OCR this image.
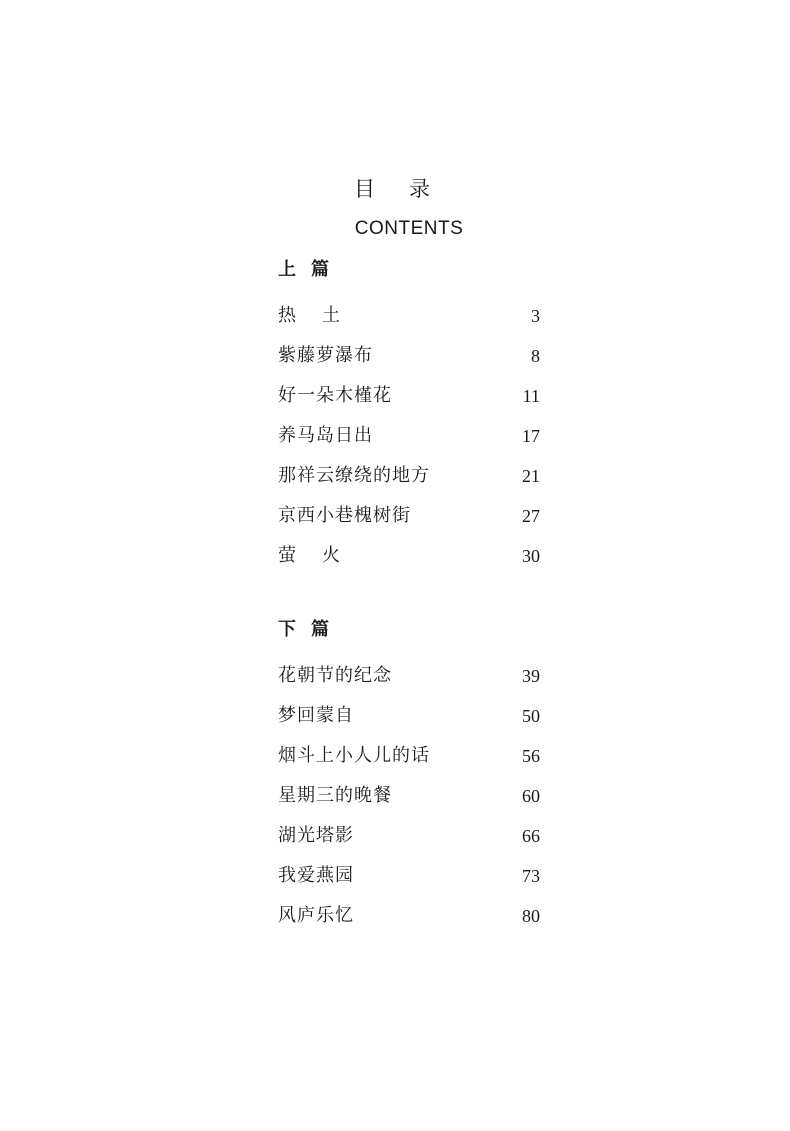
目录
CONTENTS
上篇
热土	3
紫藤萝瀑布	8
好一朵木槿花	11
养马岛日出	17
那祥云缭绕的地方	21
京西小巷槐树街	27
萤火	30
下篇
花朝节的纪念	39
梦回蒙自	50
烟斗上小人儿的话	56
星期三的晚餐	60
湖光塔影	66
我爱燕园	73
风庐乐忆	80
